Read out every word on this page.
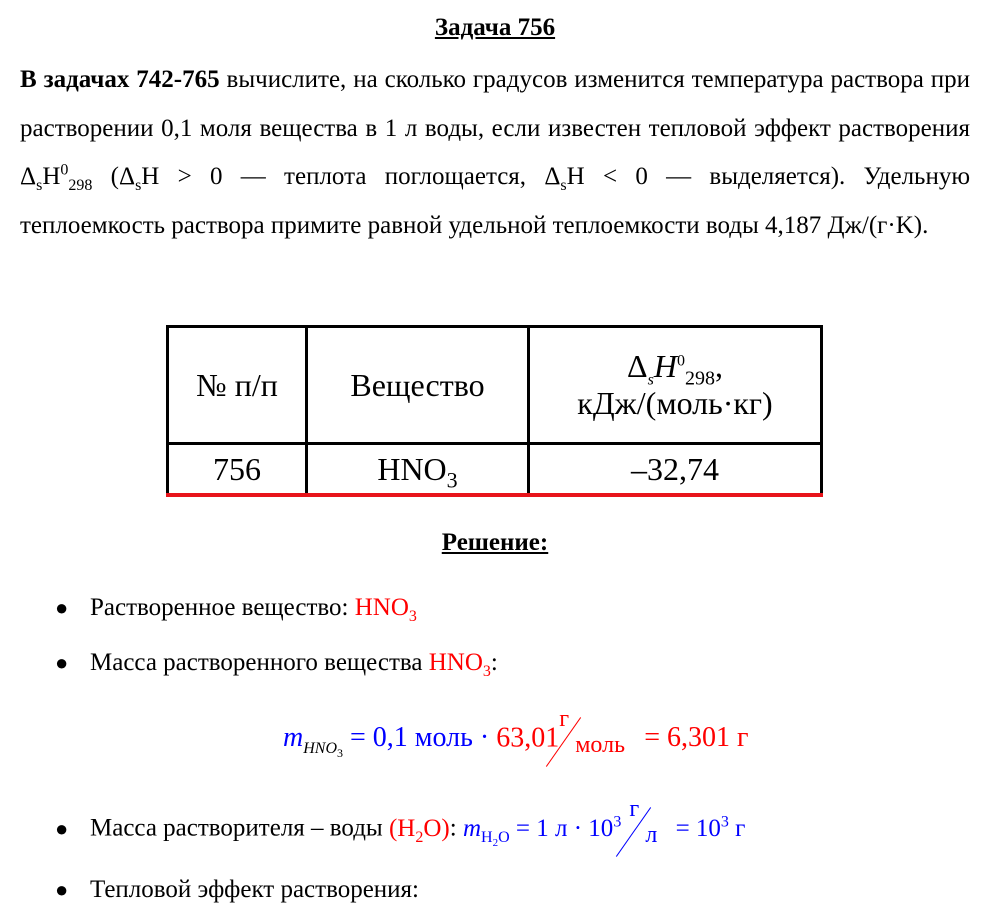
Задача 756
В задачах 742-765 вычислите, на сколько градусов изменится температура раствора при растворении 0,1 моля вещества в 1 л воды, если известен тепловой эффект растворения $\Delta_sH^0_{298}$ ($\Delta_sH > 0$ — теплота поглощается, $\Delta_sH < 0$ — выделяется). Удельную теплоемкость раствора примите равной удельной теплоемкости воды 4,187 Дж/(г·K).
№ п/п	Вещество	$\Delta_sH^0_{298}$,
кДж/(моль·кг)
756	$HNO_3$	–32,74
Решение:
● Растворенное вещество: $HNO_3$
● Масса растворенного вещества $HNO_3$:
$m_{HNO_3} = 0,1$ моль · 63,01
г
моль = 6,301 г
● Масса растворителя – воды $(H_2O)$: $m_{H_2O} = 1$ $л \cdot 10^3$ г
$л = 10^3$ г
● Тепловой эффект растворения:
